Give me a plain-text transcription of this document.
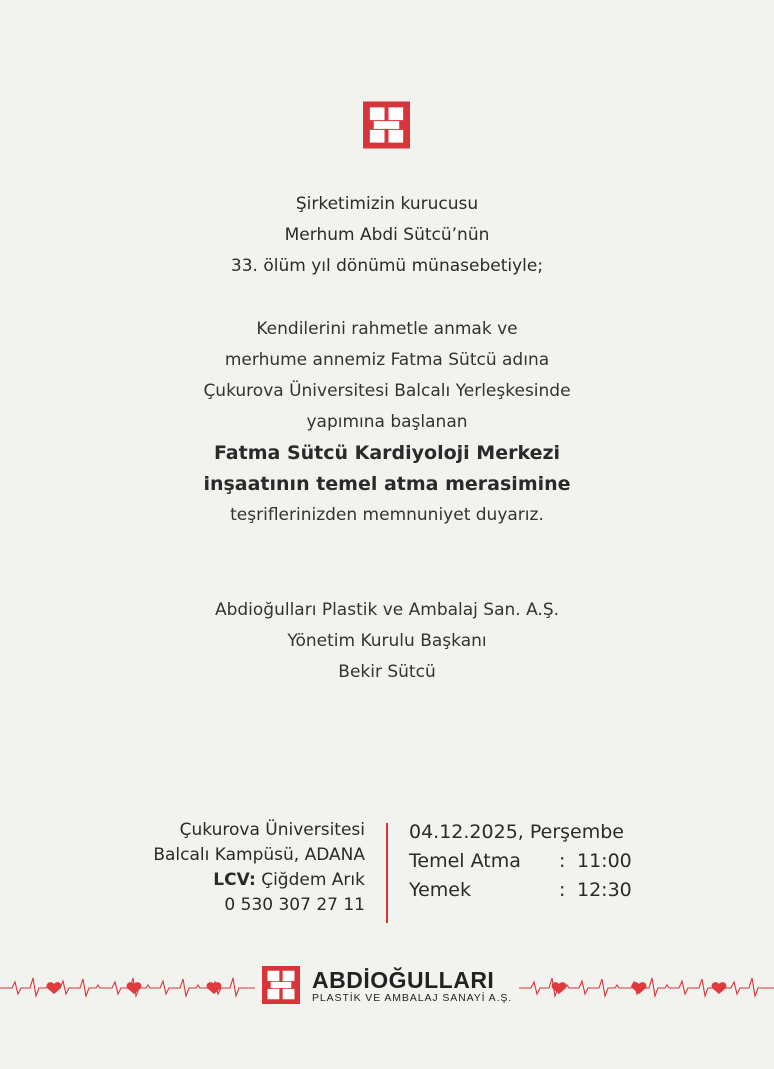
Şirketimizin kurucusu
Merhum Abdi Sütcü’nün
33. ölüm yıl dönümü münasebetiyle;
Kendilerini rahmetle anmak ve
merhume annemiz Fatma Sütcü adına
Çukurova Üniversitesi Balcalı Yerleşkesinde
yapımına başlanan
Fatma Sütcü Kardiyoloji Merkezi
inşaatının temel atma merasimine
teşriflerinizden memnuniyet duyarız.
Abdioğulları Plastik ve Ambalaj San. A.Ş.
Yönetim Kurulu Başkanı
Bekir Sütcü
Çukurova Üniversitesi
Balcalı Kampüsü, ADANA
LCV: Çiğdem Arık
0 530 307 27 11
04.12.2025, Perşembe
Temel Atma : 11:00
Yemek	: 12:30
ABDİOĞULLARI
PLASTİK VE AMBALAJ SANAYİ A.Ş.
